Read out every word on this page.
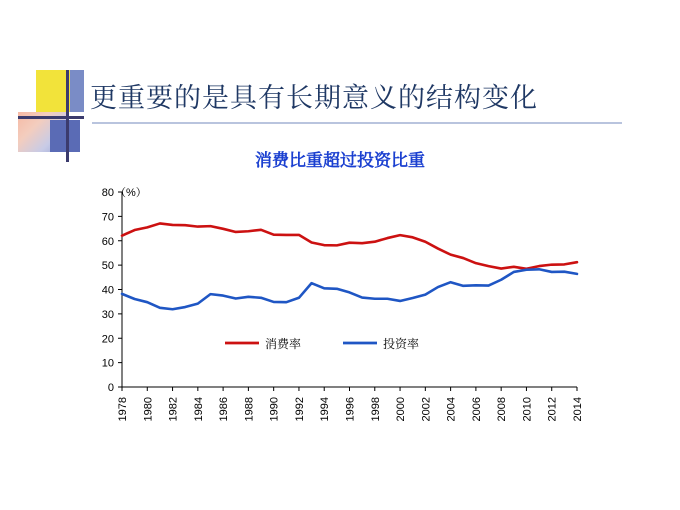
更重要的是具有长期意义的结构变化
消费比重超过投资比重
（%）
0
10
20
30
40
50
60
70
80
1978 1980 1982 1984 1986 1988 1990 1992 1994 1996 1998 2000 2002 2004 2006 2008 2010 2012 2014
消费率	投资率
